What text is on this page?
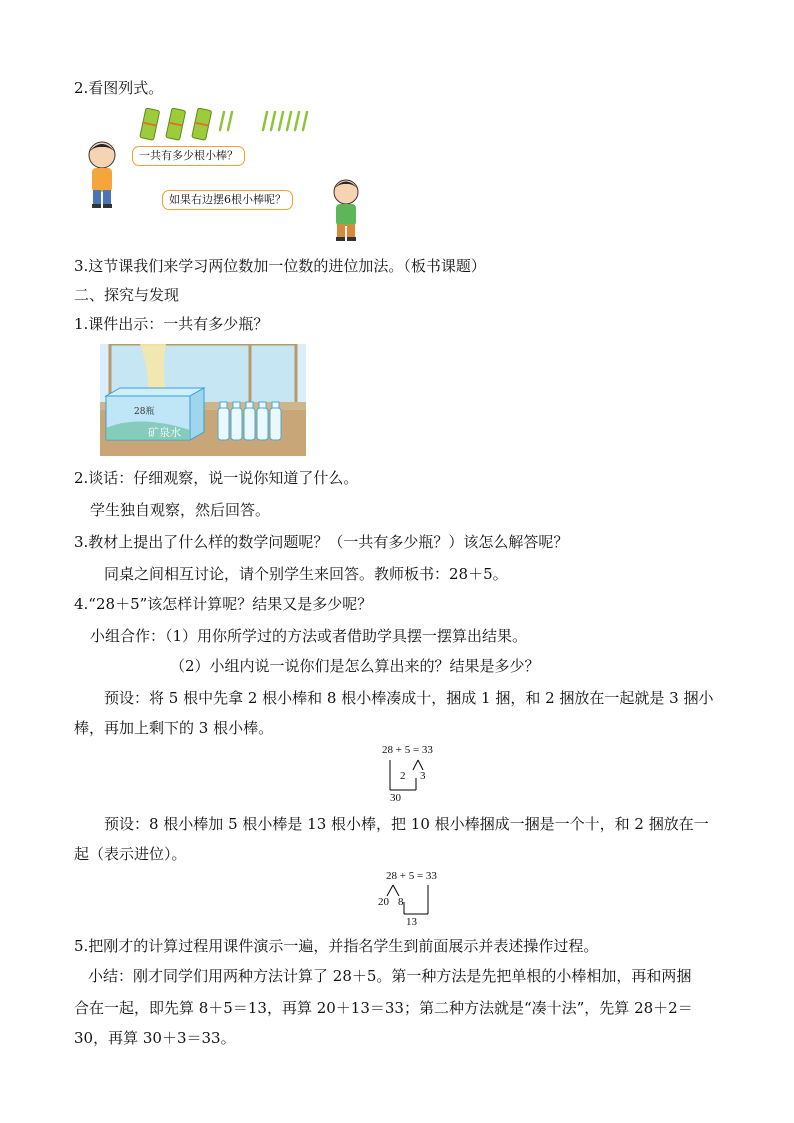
2.看图列式。
一共有多少根小棒？
如果右边摆6根小棒呢？
3.这节课我们来学习两位数加一位数的进位加法。（板书课题）
二、探究与发现
1.课件出示：一共有多少瓶？
28瓶
矿泉水
2.谈话：仔细观察，说一说你知道了什么。
学生独自观察，然后回答。
3.教材上提出了什么样的数学问题呢？（一共有多少瓶？）该怎么解答呢？
同桌之间相互讨论，请个别学生来回答。教师板书：28＋5。
4.“28＋5”该怎样计算呢？结果又是多少呢？
小组合作：（1）用你所学过的方法或者借助学具摆一摆算出结果。
（2）小组内说一说你们是怎么算出来的？结果是多少？
预设：将 5 根中先拿 2 根小棒和 8 根小棒凑成十，捆成 1 捆，和 2 捆放在一起就是 3 捆小
棒，再加上剩下的 3 根小棒。
28 + 5 = 33
2 3
30
预设：8 根小棒加 5 根小棒是 13 根小棒，把 10 根小棒捆成一捆是一个十，和 2 捆放在一
起（表示进位）。
28 + 5 = 33
20 8
13
5.把刚才的计算过程用课件演示一遍，并指名学生到前面展示并表述操作过程。
小结：刚才同学们用两种方法计算了 28＋5。第一种方法是先把单根的小棒相加，再和两捆
合在一起，即先算 8＋5＝13，再算 20＋13＝33；第二种方法就是“凑十法”，先算 28＋2＝
30，再算 30＋3＝33。
